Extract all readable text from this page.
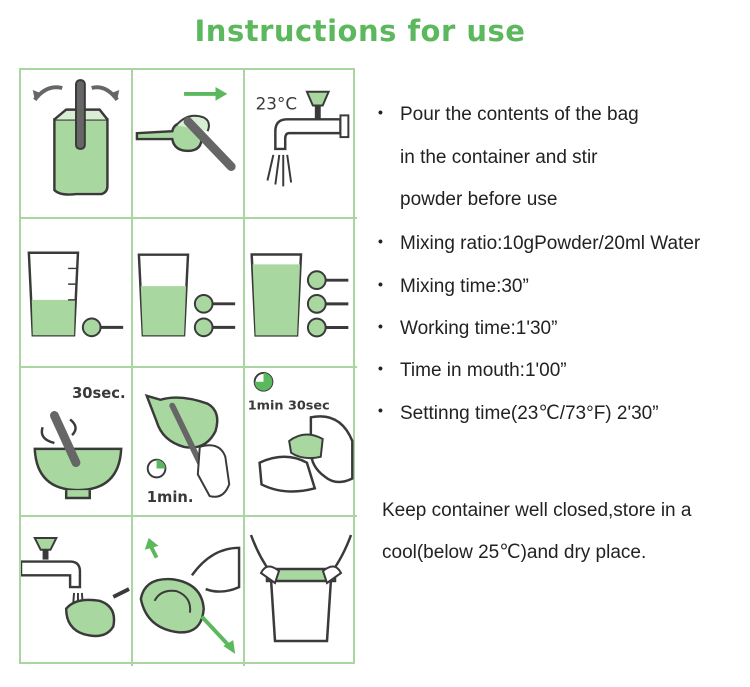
Instructions for use
23°C
30sec.
1min.
1min 30sec
• Pour the contents of the bag
in the container and stir
powder before use
• Mixing ratio:10gPowder/20ml Water
• Mixing time:30”
• Working time:1'30”
• Time in mouth:1'00”
• Settinng time(23℃/73°F) 2'30”
Keep container well closed,store in a
cool(below 25℃)and dry place.
